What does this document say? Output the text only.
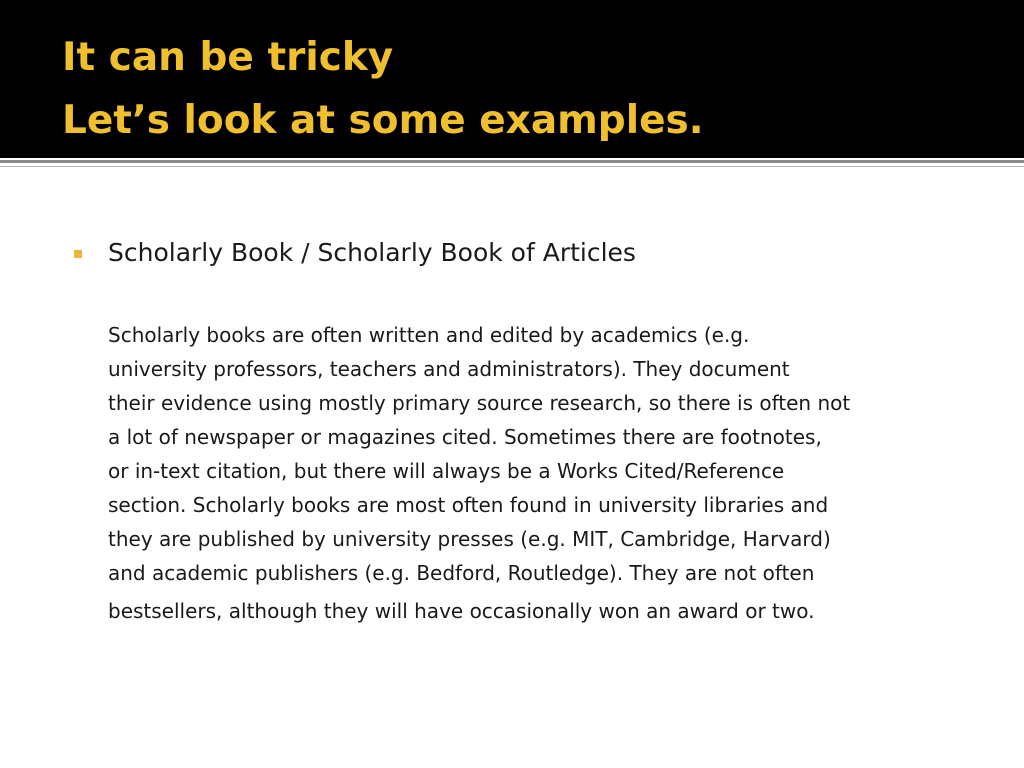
It can be tricky
Let’s look at some examples.
Scholarly Book / Scholarly Book of Articles
Scholarly books are often written and edited by academics (e.g.
university professors, teachers and administrators). They document
their evidence using mostly primary source research, so there is often not
a lot of newspaper or magazines cited. Sometimes there are footnotes,
or in-text citation, but there will always be a Works Cited/Reference
section. Scholarly books are most often found in university libraries and
they are published by university presses (e.g. MIT, Cambridge, Harvard)
and academic publishers (e.g. Bedford, Routledge). They are not often
bestsellers, although they will have occasionally won an award or two.
